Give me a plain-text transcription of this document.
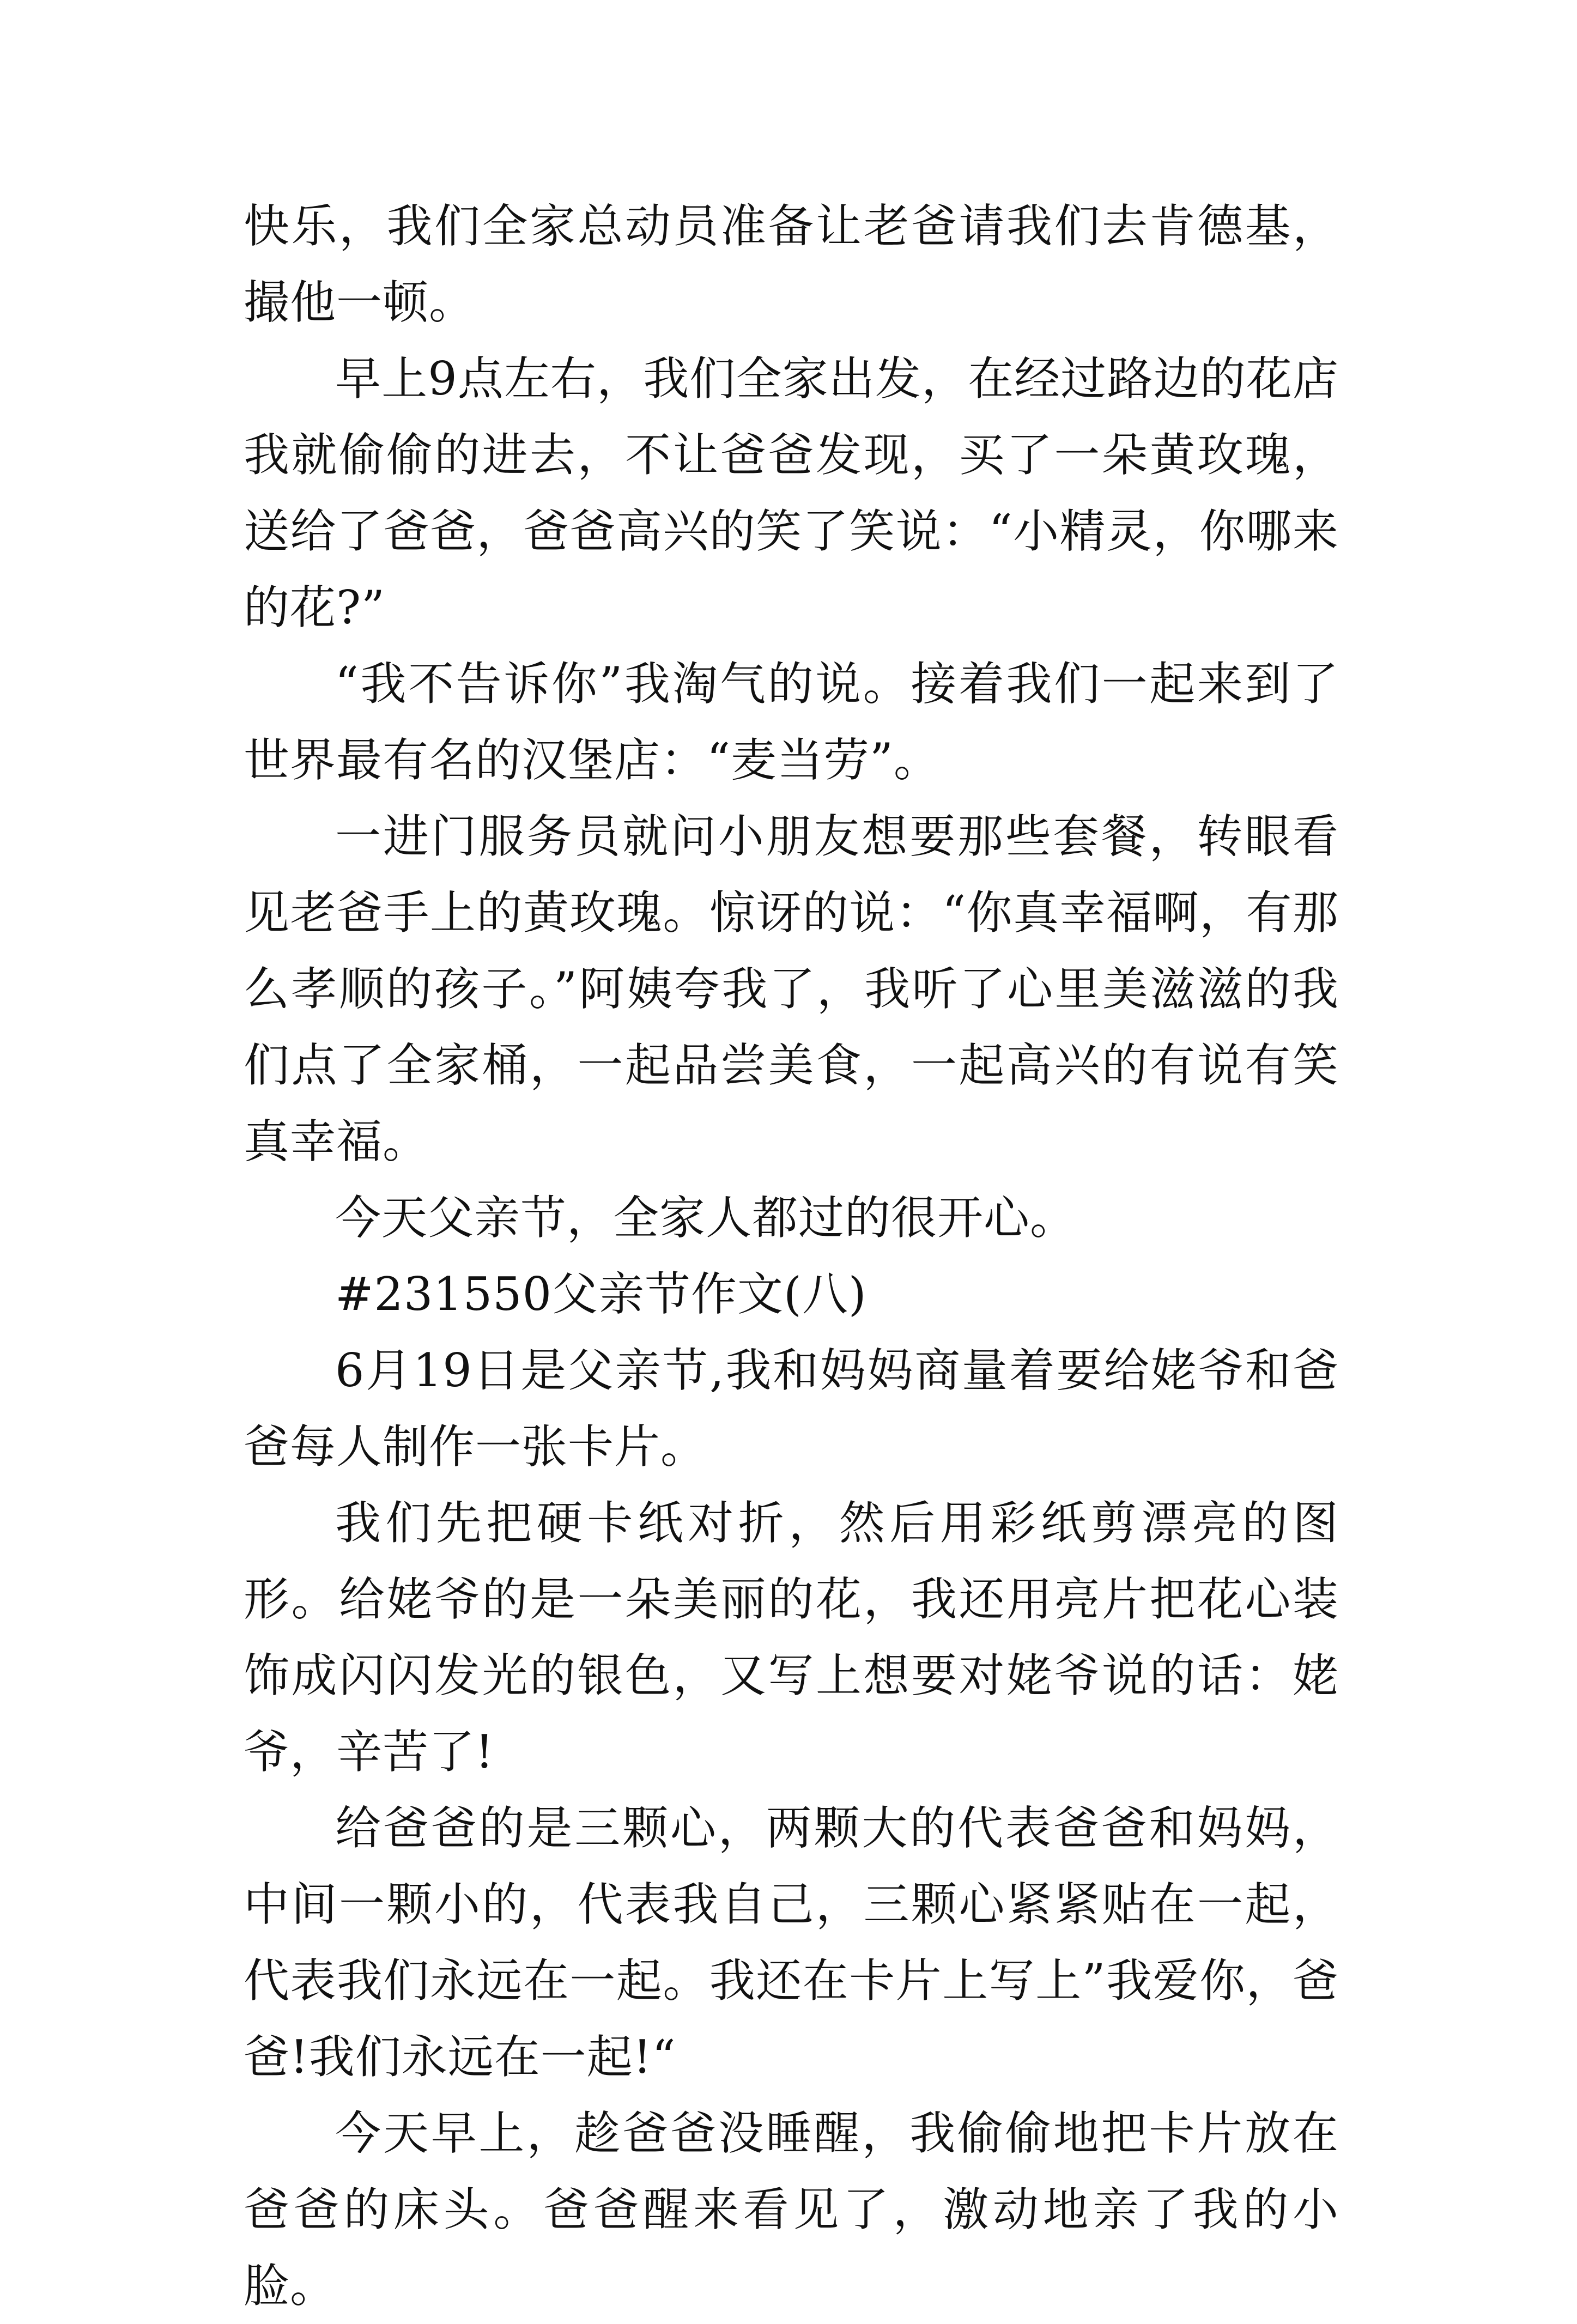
快乐，我们全家总动员准备让老爸请我们去肯德基，撮他一顿。

早上9点左右，我们全家出发，在经过路边的花店我就偷偷的进去，不让爸爸发现，买了一朵黄玫瑰，送给了爸爸，爸爸高兴的笑了笑说：“小精灵，你哪来的花?”

“我不告诉你”我淘气的说。接着我们一起来到了世界最有名的汉堡店：“麦当劳”。

一进门服务员就问小朋友想要那些套餐，转眼看见老爸手上的黄玫瑰。惊讶的说：“你真幸福啊，有那么孝顺的孩子。”阿姨夸我了，我听了心里美滋滋的我们点了全家桶，一起品尝美食，一起高兴的有说有笑真幸福。

今天父亲节，全家人都过的很开心。

#231550父亲节作文(八)

6月19日是父亲节,我和妈妈商量着要给姥爷和爸爸每人制作一张卡片。

我们先把硬卡纸对折，然后用彩纸剪漂亮的图形。给姥爷的是一朵美丽的花，我还用亮片把花心装饰成闪闪发光的银色，又写上想要对姥爷说的话：姥爷，辛苦了!

给爸爸的是三颗心，两颗大的代表爸爸和妈妈，中间一颗小的，代表我自己，三颗心紧紧贴在一起，代表我们永远在一起。我还在卡片上写上”我爱你，爸爸!我们永远在一起!“

今天早上，趁爸爸没睡醒，我偷偷地把卡片放在爸爸的床头。爸爸醒来看见了，激动地亲了我的小脸。
